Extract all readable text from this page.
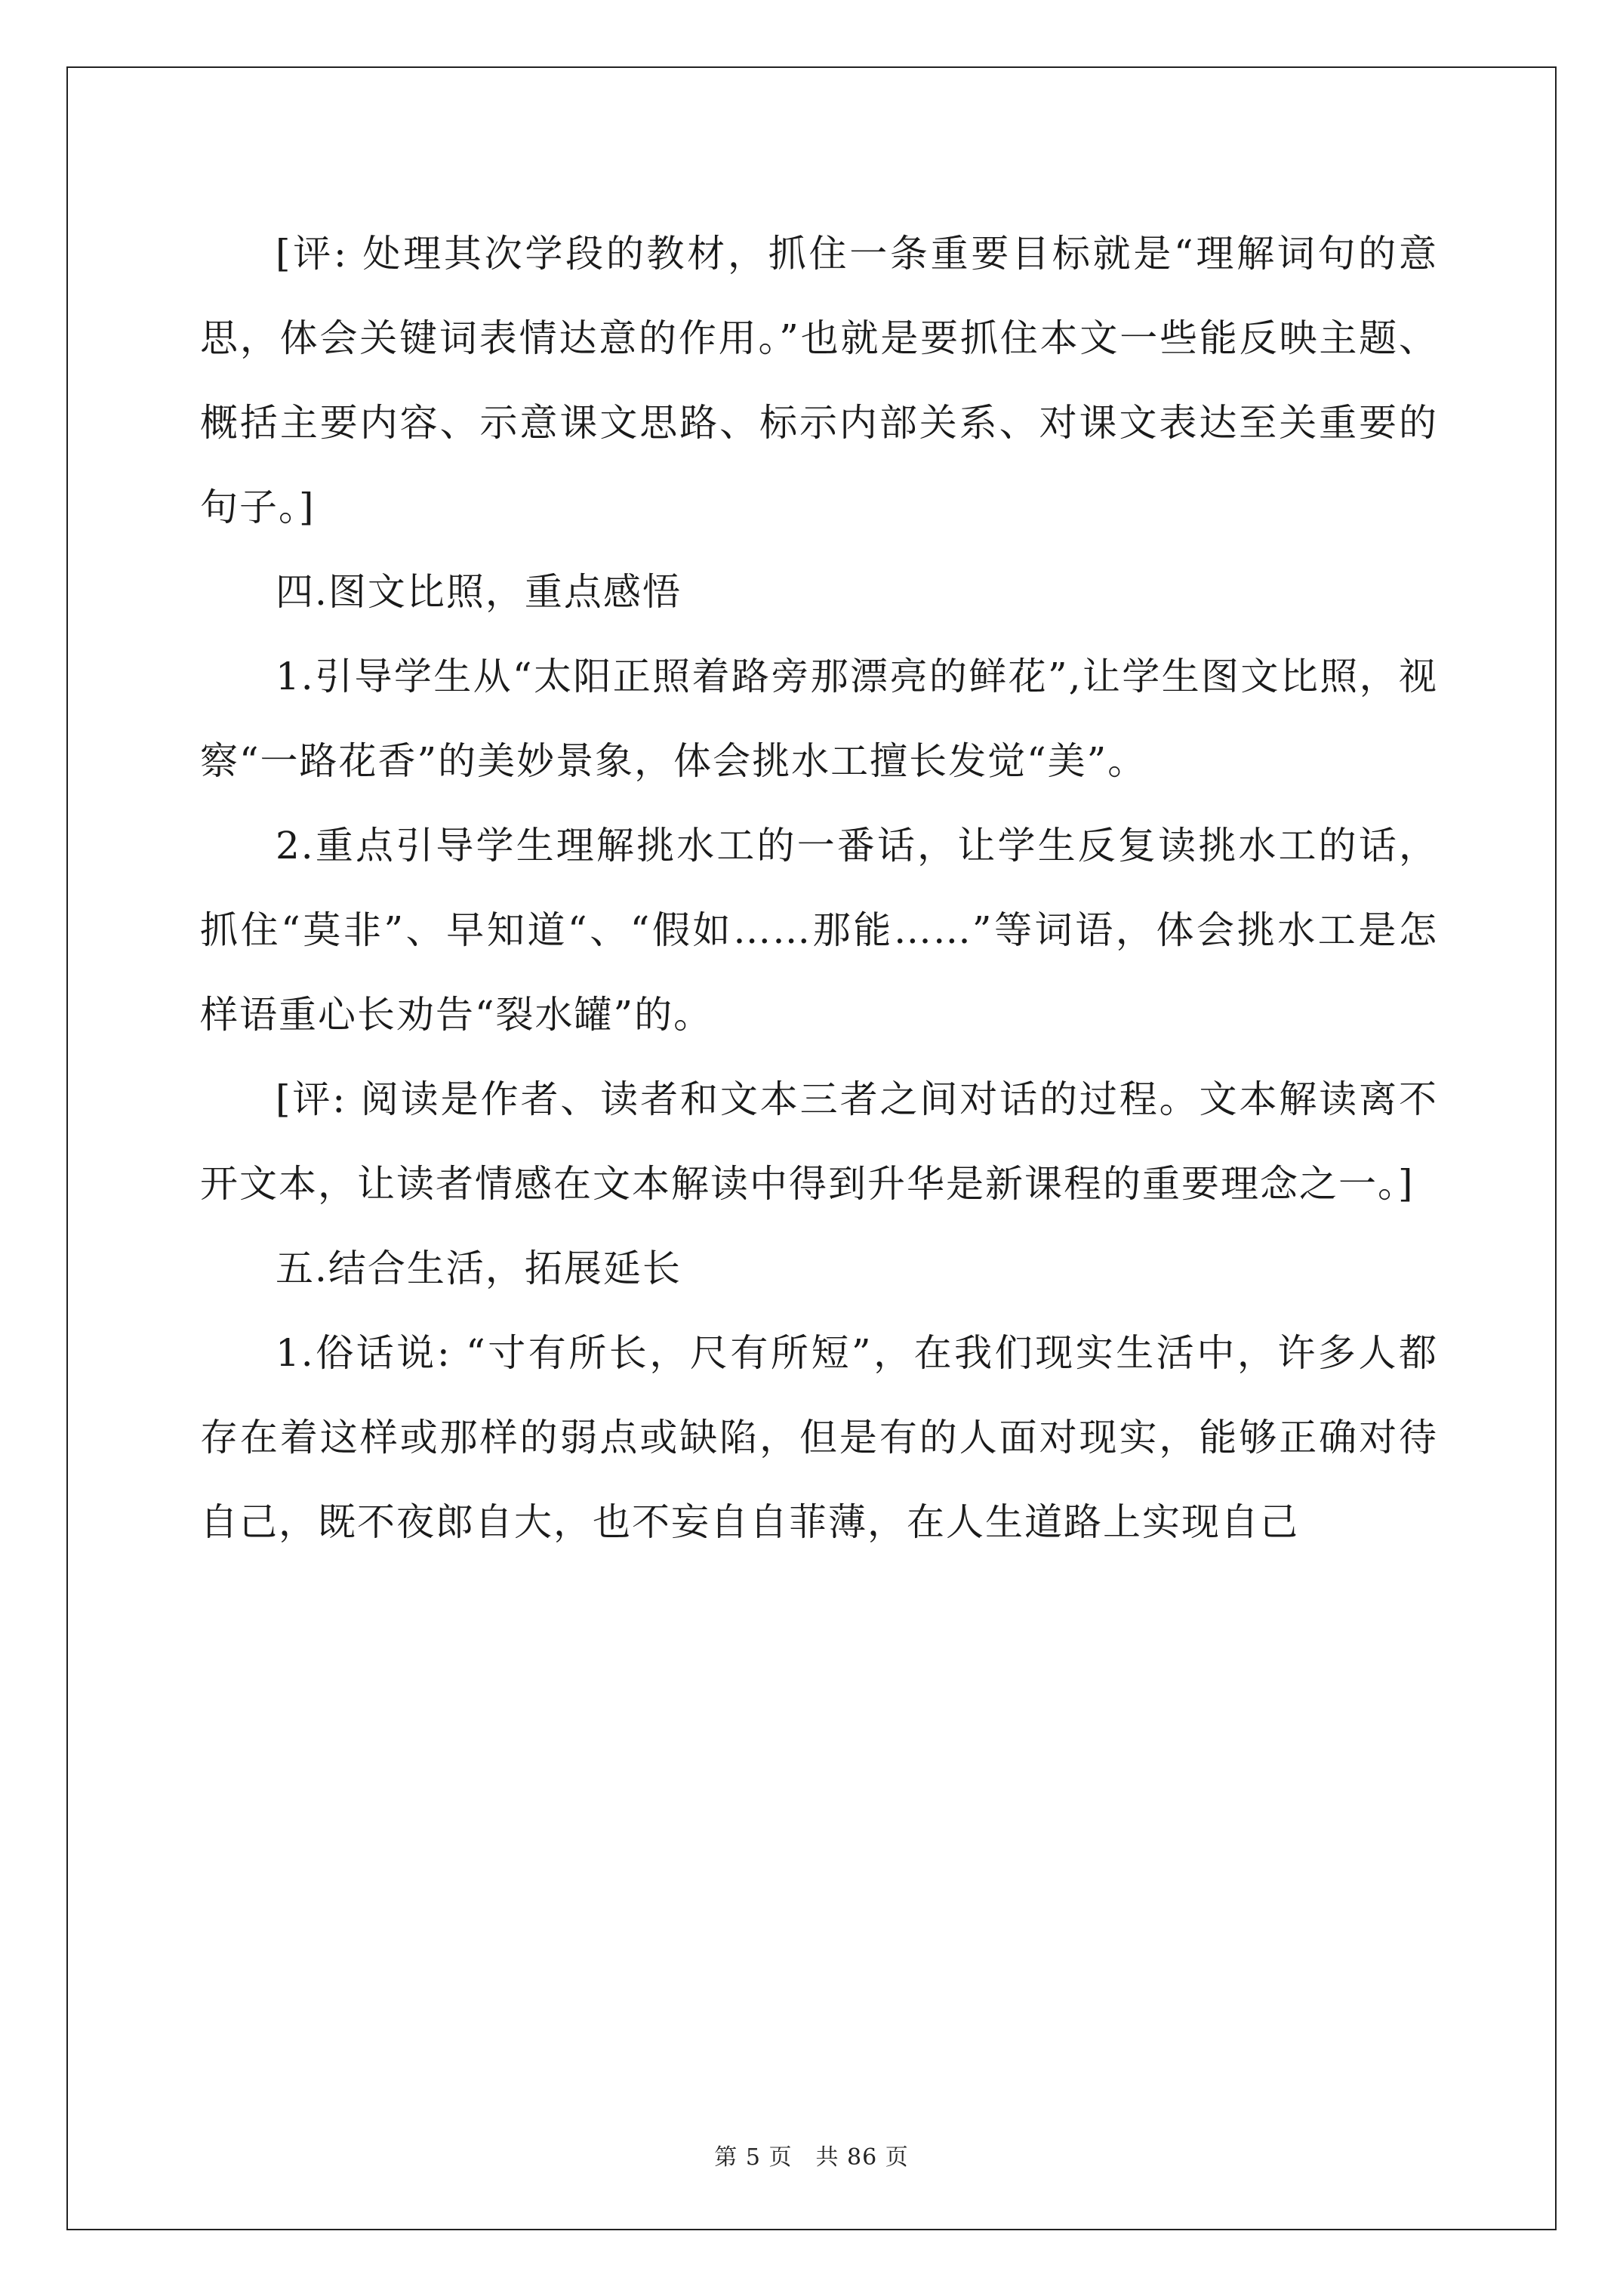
[评: 处理其次学段的教材，抓住一条重要目标就是“理解词句的意思，体会关键词表情达意的作用。”也就是要抓住本文一些能反映主题、概括主要内容、示意课文思路、标示内部关系、对课文表达至关重要的句子。]

四.图文比照，重点感悟

1.引导学生从“太阳正照着路旁那漂亮的鲜花”,让学生图文比照，视察“一路花香”的美妙景象，体会挑水工擅长发觉“美”。

2.重点引导学生理解挑水工的一番话，让学生反复读挑水工的话，抓住“莫非”、早知道“、“假如……那能……”等词语，体会挑水工是怎样语重心长劝告“裂水罐”的。

[评: 阅读是作者、读者和文本三者之间对话的过程。文本解读离不开文本，让读者情感在文本解读中得到升华是新课程的重要理念之一。]

五.结合生活，拓展延长

1.俗话说: “寸有所长，尺有所短”，在我们现实生活中，许多人都存在着这样或那样的弱点或缺陷，但是有的人面对现实，能够正确对待自己，既不夜郎自大，也不妄自自菲薄，在人生道路上实现自己

第 5 页　共 86 页
